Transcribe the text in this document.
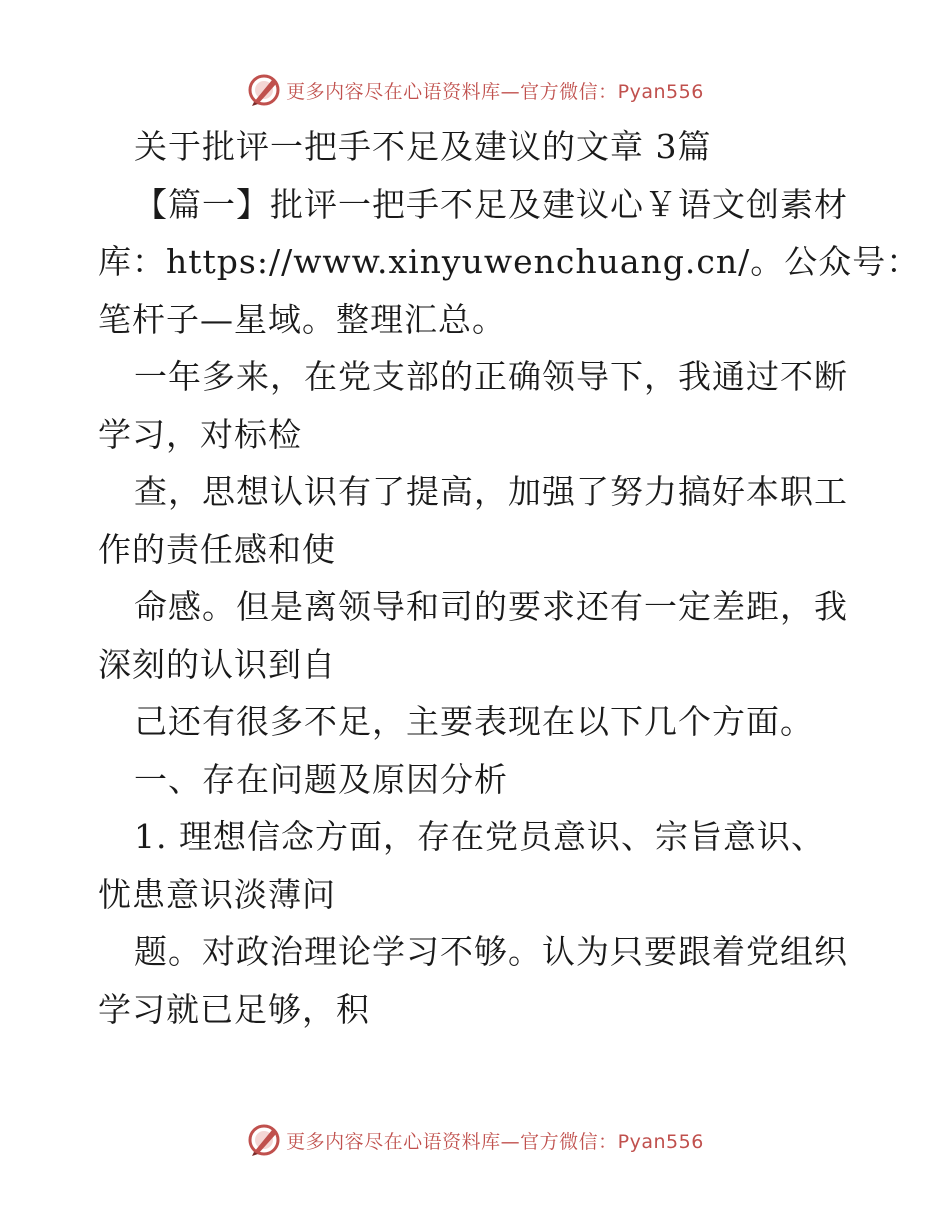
更多内容尽在心语资料库—官方微信：Pyan556
关于批评一把手不足及建议的文章 3篇
【篇一】批评一把手不足及建议心￥语文创素材
库：https://www.xinyuwenchuang.cn/。公众号：
笔杆子—星域。整理汇总。
一年多来，在党支部的正确领导下，我通过不断
学习，对标检
查，思想认识有了提高，加强了努力搞好本职工
作的责任感和使
命感。但是离领导和司的要求还有一定差距，我
深刻的认识到自
己还有很多不足，主要表现在以下几个方面。
一、存在问题及原因分析
1. 理想信念方面，存在党员意识、宗旨意识、
忧患意识淡薄问
题。对政治理论学习不够。认为只要跟着党组织
学习就已足够，积
更多内容尽在心语资料库—官方微信：Pyan556
